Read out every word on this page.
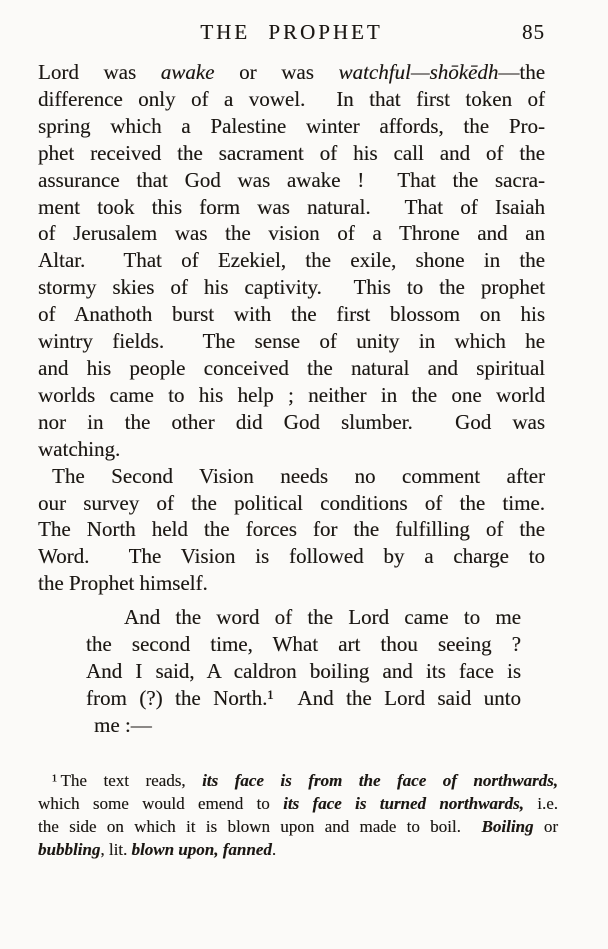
THE PROPHET	85
Lord was awake or was watchful—shōkēdh—the
difference only of a vowel.  In that first token of
spring which a Palestine winter affords, the Pro-
phet received the sacrament of his call and of the
assurance that God was awake !  That the sacra-
ment took this form was natural.  That of Isaiah
of Jerusalem was the vision of a Throne and an
Altar.  That of Ezekiel, the exile, shone in the
stormy skies of his captivity.  This to the prophet
of Anathoth burst with the first blossom on his
wintry fields.  The sense of unity in which he
and his people conceived the natural and spiritual
worlds came to his help ; neither in the one world
nor in the other did God slumber.  God was
watching.
The Second Vision needs no comment after
our survey of the political conditions of the time.
The North held the forces for the fulfilling of the
Word.  The Vision is followed by a charge to
the Prophet himself.
And the word of the Lord came to me
the second time, What art thou seeing ?
And I said, A caldron boiling and its face is
from (?) the North.¹  And the Lord said unto
me :—
¹ The text reads, its face is from the face of northwards,
which some would emend to its face is turned northwards, i.e.
the side on which it is blown upon and made to boil.  Boiling or
bubbling, lit. blown upon, fanned.
